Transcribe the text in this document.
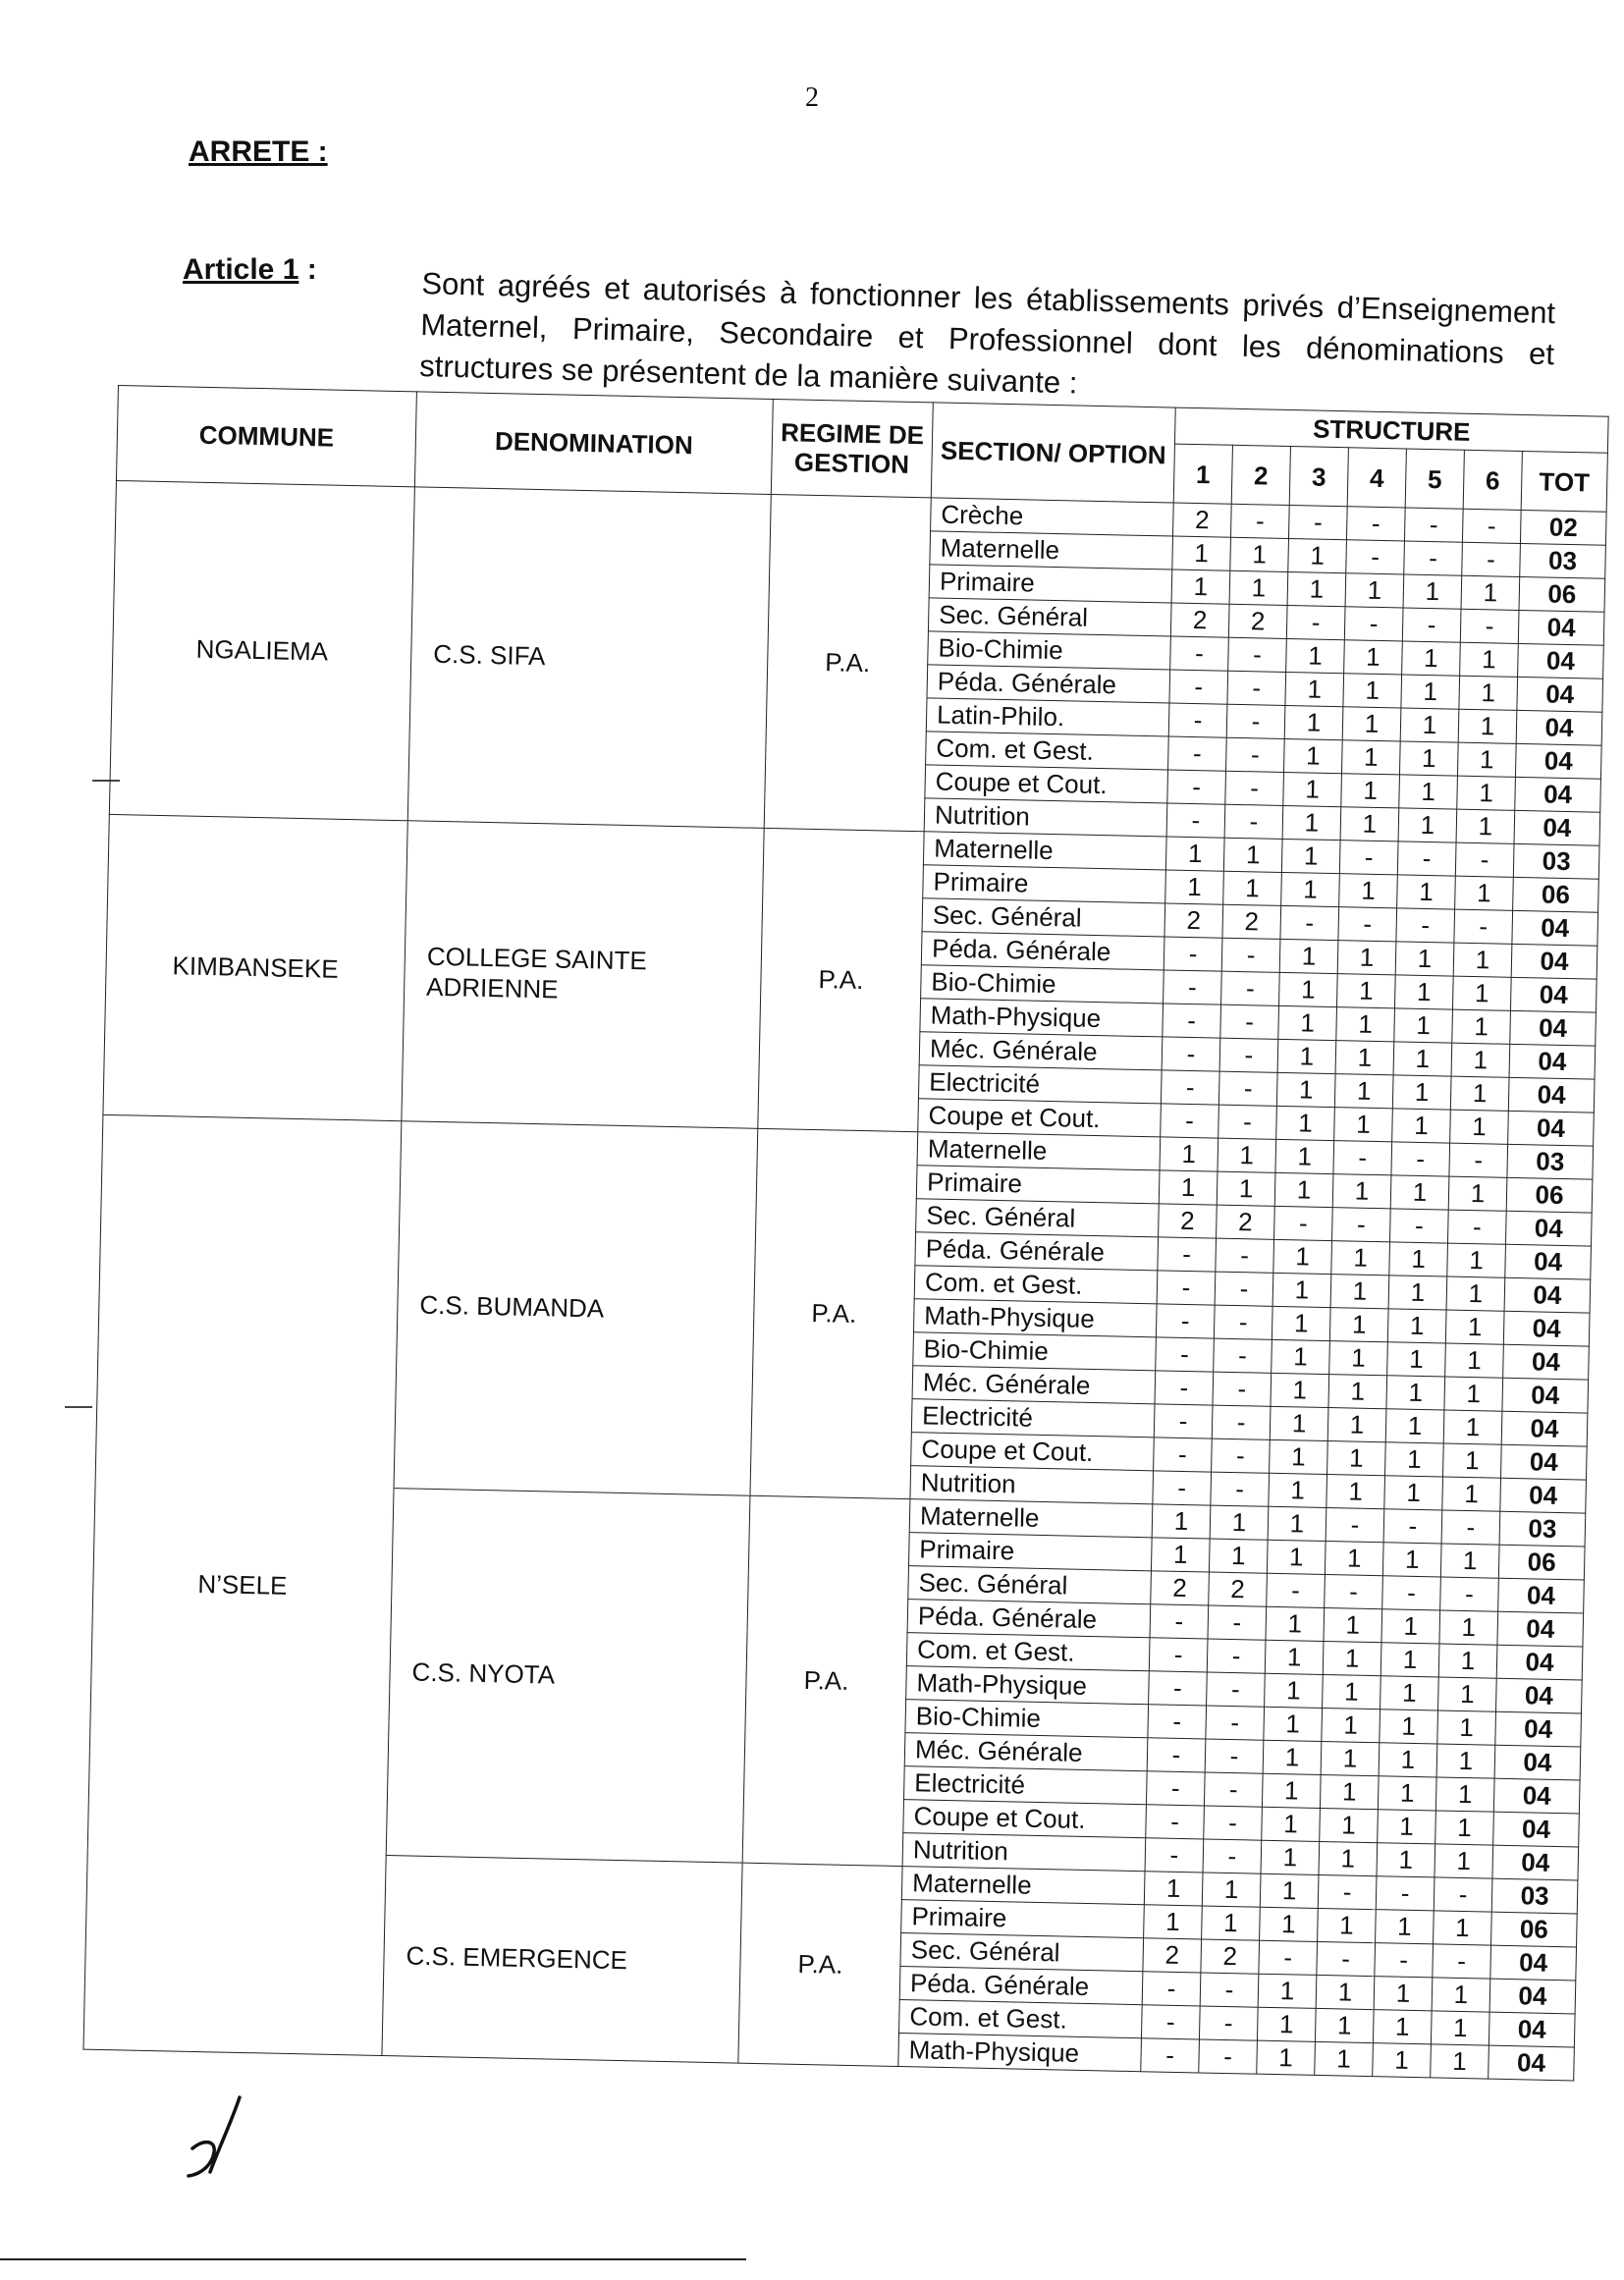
2
ARRETE :
Article 1 :	Sont agréés et autorisés à fonctionner les établissements privés d’Enseignement Maternel, Primaire, Secondaire et Professionnel dont les dénominations et structures se présentent de la manière suivante :
COMMUNE	DENOMINATION	REGIME DE GESTION	SECTION/ OPTION	STRUCTURE						
				1	2	3	4	5	6	TOT
NGALIEMA	C.S. SIFA	P.A.	Crèche	2	-	-	-	-	-	02
			Maternelle	1	1	1	-	-	-	03
			Primaire	1	1	1	1	1	1	06
			Sec. Général	2	2	-	-	-	-	04
			Bio-Chimie	-	-	1	1	1	1	04
			Péda. Générale	-	-	1	1	1	1	04
			Latin-Philo.	-	-	1	1	1	1	04
			Com. et Gest.	-	-	1	1	1	1	04
			Coupe et Cout.	-	-	1	1	1	1	04
			Nutrition	-	-	1	1	1	1	04
KIMBANSEKE	COLLEGE SAINTE ADRIENNE	P.A.	Maternelle	1	1	1	-	-	-	03
			Primaire	1	1	1	1	1	1	06
			Sec. Général	2	2	-	-	-	-	04
			Péda. Générale	-	-	1	1	1	1	04
			Bio-Chimie	-	-	1	1	1	1	04
			Math-Physique	-	-	1	1	1	1	04
			Méc. Générale	-	-	1	1	1	1	04
			Electricité	-	-	1	1	1	1	04
			Coupe et Cout.	-	-	1	1	1	1	04
N’SELE	C.S. BUMANDA	P.A.	Maternelle	1	1	1	-	-	-	03
			Primaire	1	1	1	1	1	1	06
			Sec. Général	2	2	-	-	-	-	04
			Péda. Générale	-	-	1	1	1	1	04
			Com. et Gest.	-	-	1	1	1	1	04
			Math-Physique	-	-	1	1	1	1	04
			Bio-Chimie	-	-	1	1	1	1	04
			Méc. Générale	-	-	1	1	1	1	04
			Electricité	-	-	1	1	1	1	04
			Coupe et Cout.	-	-	1	1	1	1	04
			Nutrition	-	-	1	1	1	1	04
	C.S. NYOTA	P.A.	Maternelle	1	1	1	-	-	-	03
			Primaire	1	1	1	1	1	1	06
			Sec. Général	2	2	-	-	-	-	04
			Péda. Générale	-	-	1	1	1	1	04
			Com. et Gest.	-	-	1	1	1	1	04
			Math-Physique	-	-	1	1	1	1	04
			Bio-Chimie	-	-	1	1	1	1	04
			Méc. Générale	-	-	1	1	1	1	04
			Electricité	-	-	1	1	1	1	04
			Coupe et Cout.	-	-	1	1	1	1	04
			Nutrition	-	-	1	1	1	1	04
	C.S. EMERGENCE	P.A.	Maternelle	1	1	1	-	-	-	03
			Primaire	1	1	1	1	1	1	06
			Sec. Général	2	2	-	-	-	-	04
			Péda. Générale	-	-	1	1	1	1	04
			Com. et Gest.	-	-	1	1	1	1	04
			Math-Physique	-	-	1	1	1	1	04
